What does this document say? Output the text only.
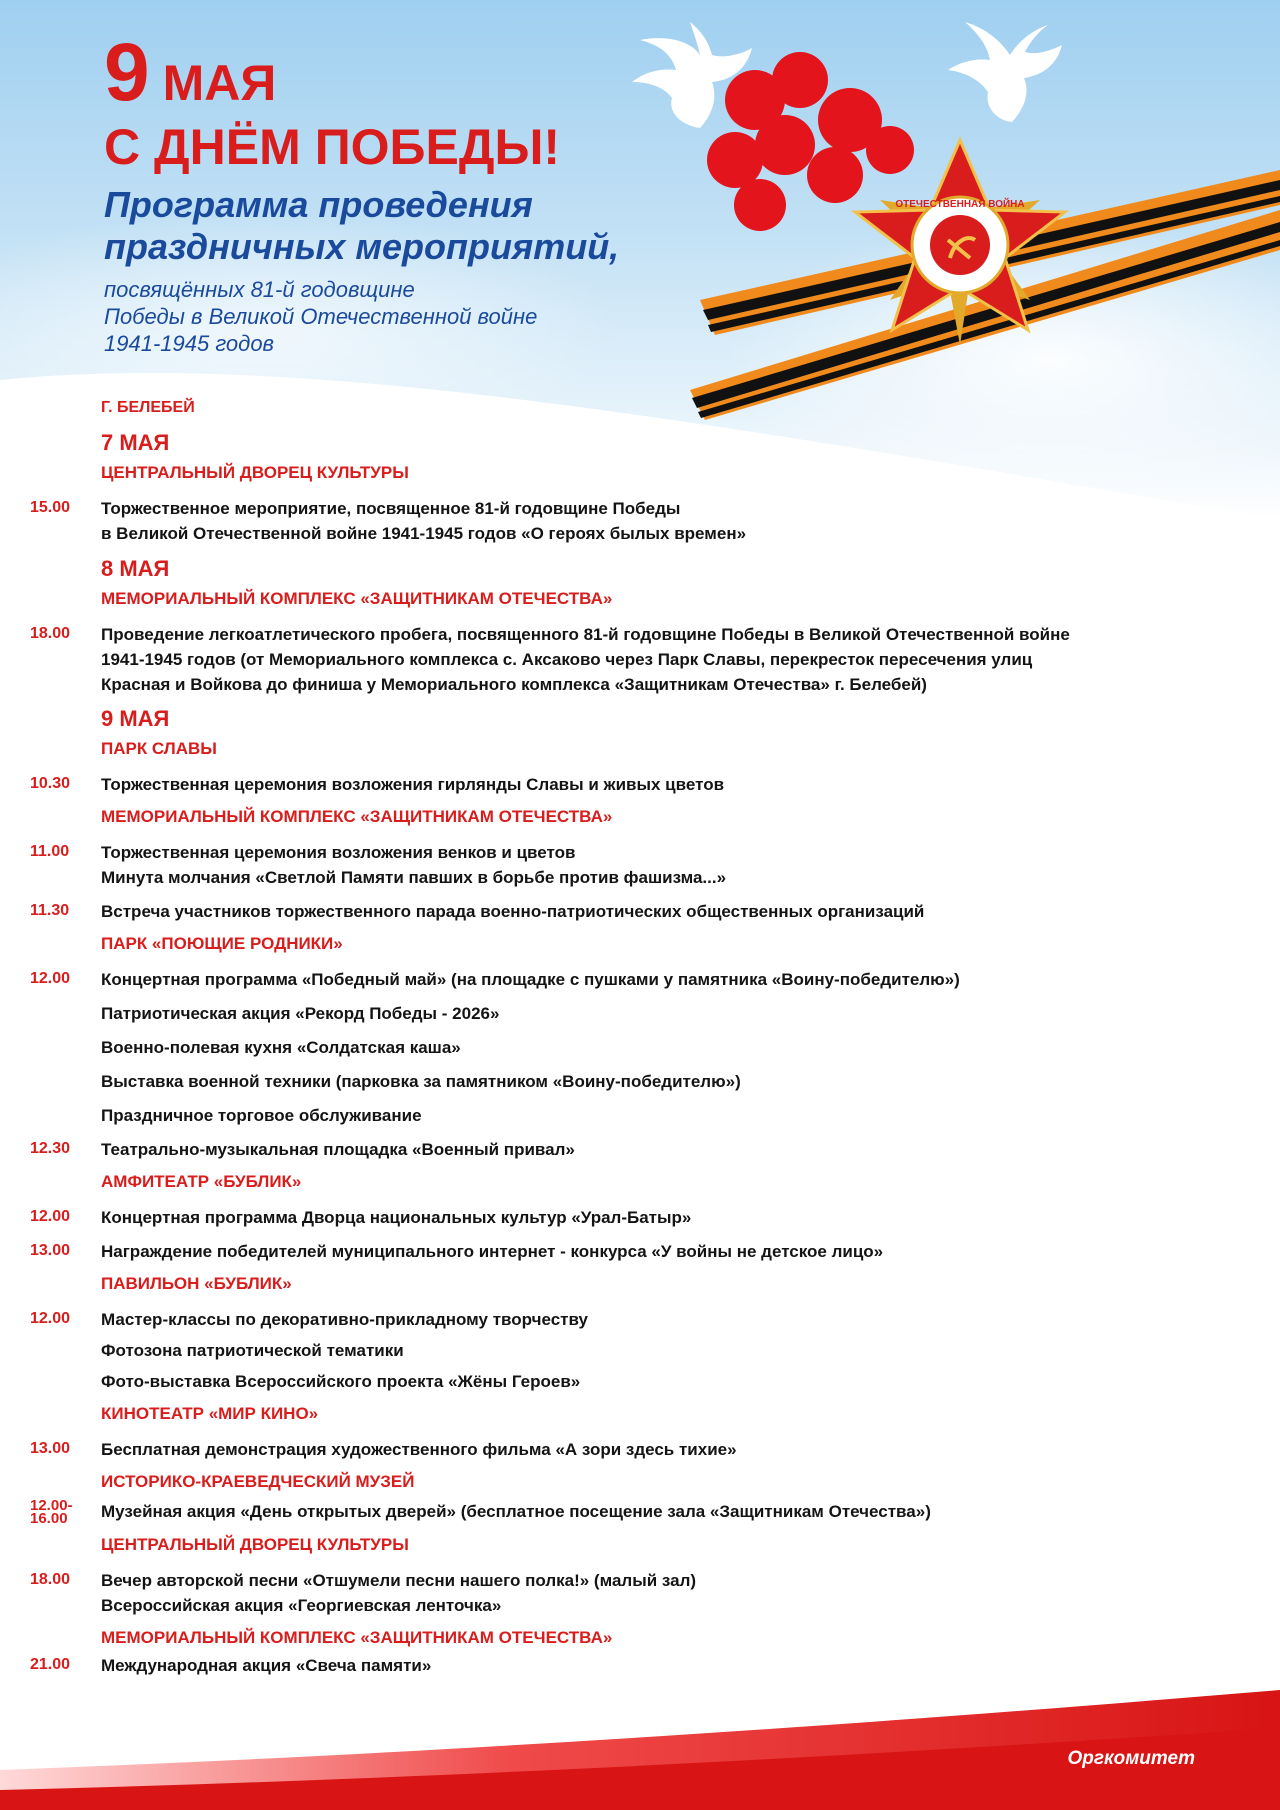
9 МАЯ
С ДНЁМ ПОБЕДЫ!
Программа проведения
праздничных мероприятий,
посвящённых 81-й годовщине
Победы в Великой Отечественной войне
1941-1945 годов
ОТЕЧЕСТВЕННАЯ ВОЙНА
Г. БЕЛЕБЕЙ
7 МАЯ
ЦЕНТРАЛЬНЫЙ ДВОРЕЦ КУЛЬТУРЫ
15.00	Торжественное мероприятие, посвященное 81-й годовщине Победы
в Великой Отечественной войне 1941-1945 годов «О героях былых времен»
8 МАЯ
МЕМОРИАЛЬНЫЙ КОМПЛЕКС «ЗАЩИТНИКАМ ОТЕЧЕСТВА»
18.00	Проведение легкоатлетического пробега, посвященного 81-й годовщине Победы в Великой Отечественной войне
1941-1945 годов (от Мемориального комплекса с. Аксаково через Парк Славы, перекресток пересечения улиц
Красная и Войкова до финиша у Мемориального комплекса «Защитникам Отечества» г. Белебей)
9 МАЯ
ПАРК СЛАВЫ
10.30	Торжественная церемония возложения гирлянды Славы и живых цветов
МЕМОРИАЛЬНЫЙ КОМПЛЕКС «ЗАЩИТНИКАМ ОТЕЧЕСТВА»
11.00	Торжественная церемония возложения венков и цветов
Минута молчания «Светлой Памяти павших в борьбе против фашизма...»
11.30	Встреча участников торжественного парада военно-патриотических общественных организаций
ПАРК «ПОЮЩИЕ РОДНИКИ»
12.00	Концертная программа «Победный май» (на площадке с пушками у памятника «Воину-победителю»)
Патриотическая акция «Рекорд Победы - 2026»
Военно-полевая кухня «Солдатская каша»
Выставка военной техники (парковка за памятником «Воину-победителю»)
Праздничное торговое обслуживание
12.30	Театрально-музыкальная площадка «Военный привал»
АМФИТЕАТР «БУБЛИК»
12.00	Концертная программа Дворца национальных культур «Урал-Батыр»
13.00	Награждение победителей муниципального интернет - конкурса «У войны не детское лицо»
ПАВИЛЬОН «БУБЛИК»
12.00	Мастер-классы по декоративно-прикладному творчеству
Фотозона патриотической тематики
Фото-выставка Всероссийского проекта «Жёны Героев»
КИНОТЕАТР «МИР КИНО»
13.00	Бесплатная демонстрация художественного фильма «А зори здесь тихие»
ИСТОРИКО-КРАЕВЕДЧЕСКИЙ МУЗЕЙ
12.00-
16.00	Музейная акция «День открытых дверей» (бесплатное посещение зала «Защитникам Отечества»)
ЦЕНТРАЛЬНЫЙ ДВОРЕЦ КУЛЬТУРЫ
18.00	Вечер авторской песни «Отшумели песни нашего полка!» (малый зал)
Всероссийская акция «Георгиевская ленточка»
МЕМОРИАЛЬНЫЙ КОМПЛЕКС «ЗАЩИТНИКАМ ОТЕЧЕСТВА»
21.00	Международная акция «Свеча памяти»
Оргкомитет
